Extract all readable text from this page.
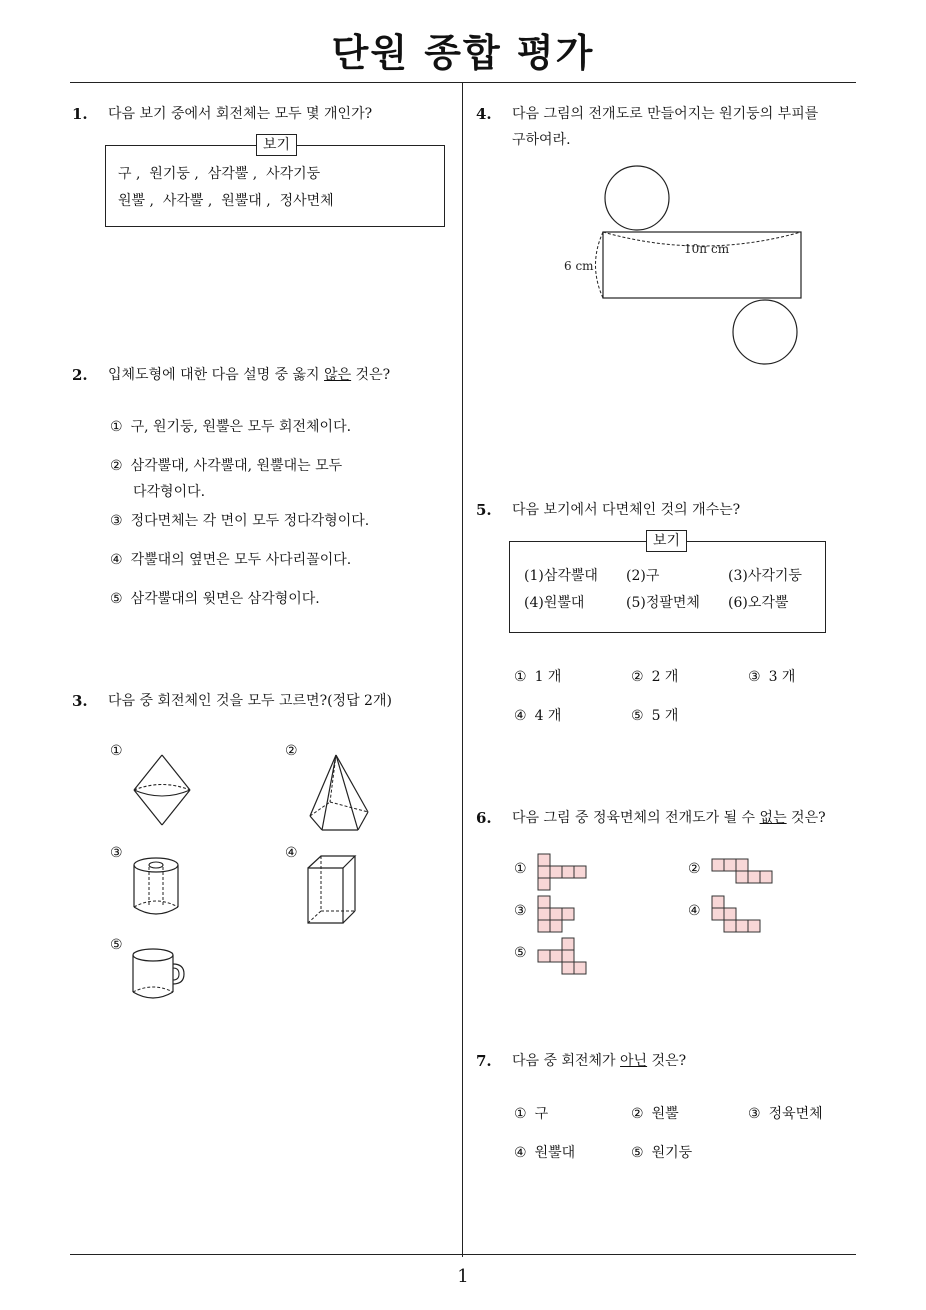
단원 종합 평가
1
1. 다음 보기 중에서 회전체는 모두 몇 개인가?
보기
구 ,  원기둥 ,  삼각뿔 ,  사각기둥
원뿔 ,  사각뿔 ,  원뿔대 ,  정사면체
2. 입체도형에 대한 다음 설명 중 옳지 않은 것은?
① 구, 원기둥, 원뿔은 모두 회전체이다.
② 삼각뿔대, 사각뿔대, 원뿔대는 모두
다각형이다.
③ 정다면체는 각 면이 모두 정다각형이다.
④ 각뿔대의 옆면은 모두 사다리꼴이다.
⑤ 삼각뿔대의 윗면은 삼각형이다.
3. 다음 중 회전체인 것을 모두 고르면?(정답 2개)
①	②
③	④
⑤
4. 다음 그림의 전개도로 만들어지는 원기둥의 부피를
구하여라.
6 cm
10π cm
5. 다음 보기에서 다면체인 것의 개수는?
보기
(1)삼각뿔대 (2)구	(3)사각기둥
(4)원뿔대	(5)정팔면체 (6)오각뿔
① 1 개	② 2 개	③ 3 개
④ 4 개	⑤ 5 개
6. 다음 그림 중 정육면체의 전개도가 될 수 없는 것은?
①	②
③	④
⑤
7. 다음 중 회전체가 아닌 것은?
① 구	② 원뿔	③ 정육면체
④ 원뿔대	⑤ 원기둥
